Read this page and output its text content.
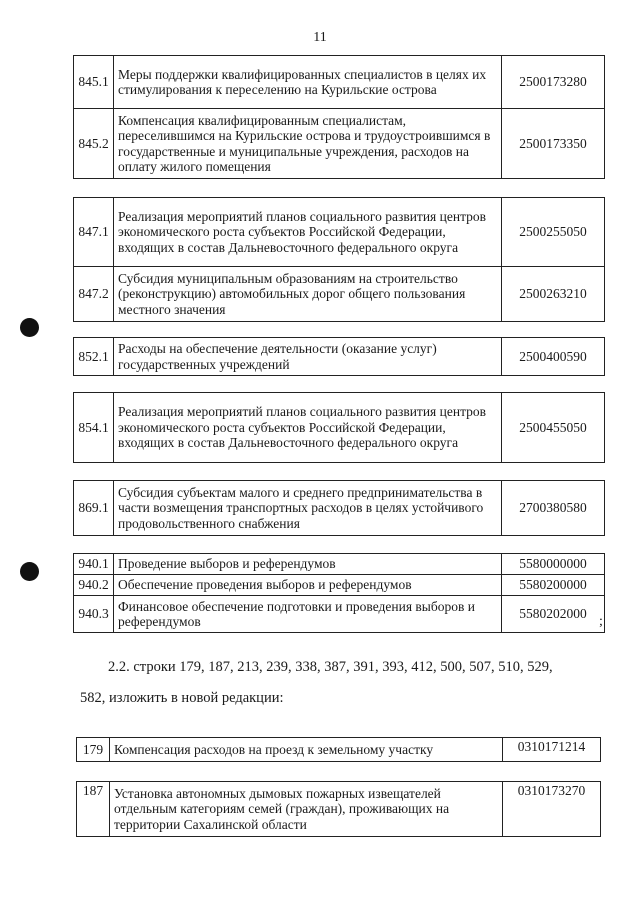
11
845.1	Меры поддержки квалифицированных специалистов в целях их стимулирования к переселению на Курильские острова	2500173280
845.2	Компенсация квалифицированным специалистам, переселившимся на Курильские острова и трудоустроившимся в государственные и муниципальные учреждения, расходов на оплату жилого помещения	2500173350
847.1	Реализация мероприятий планов социального развития центров экономического роста субъектов Российской Федерации, входящих в состав Дальневосточного федерального округа	2500255050
847.2	Субсидия муниципальным образованиям на строительство (реконструкцию) автомобильных дорог общего пользования местного значения	2500263210
852.1	Расходы на обеспечение деятельности (оказание услуг) государственных учреждений	2500400590
854.1	Реализация мероприятий планов социального развития центров экономического роста субъектов Российской Федерации, входящих в состав Дальневосточного федерального округа	2500455050
869.1	Субсидия субъектам малого и среднего предпринимательства в части возмещения транспортных расходов в целях устойчивого продовольственного снабжения	2700380580
940.1	Проведение выборов и референдумов	5580000000
940.2	Обеспечение проведения выборов и референдумов	5580200000
940.3	Финансовое обеспечение подготовки и проведения выборов и референдумов	5580202000
;
2.2. строки 179, 187, 213, 239, 338, 387, 391, 393, 412, 500, 507, 510, 529,
582, изложить в новой редакции:
179	Компенсация расходов на проезд к земельному участку	0310171214
187	Установка автономных дымовых пожарных извещателей отдельным категориям семей (граждан), проживающих на территории Сахалинской области	0310173270
